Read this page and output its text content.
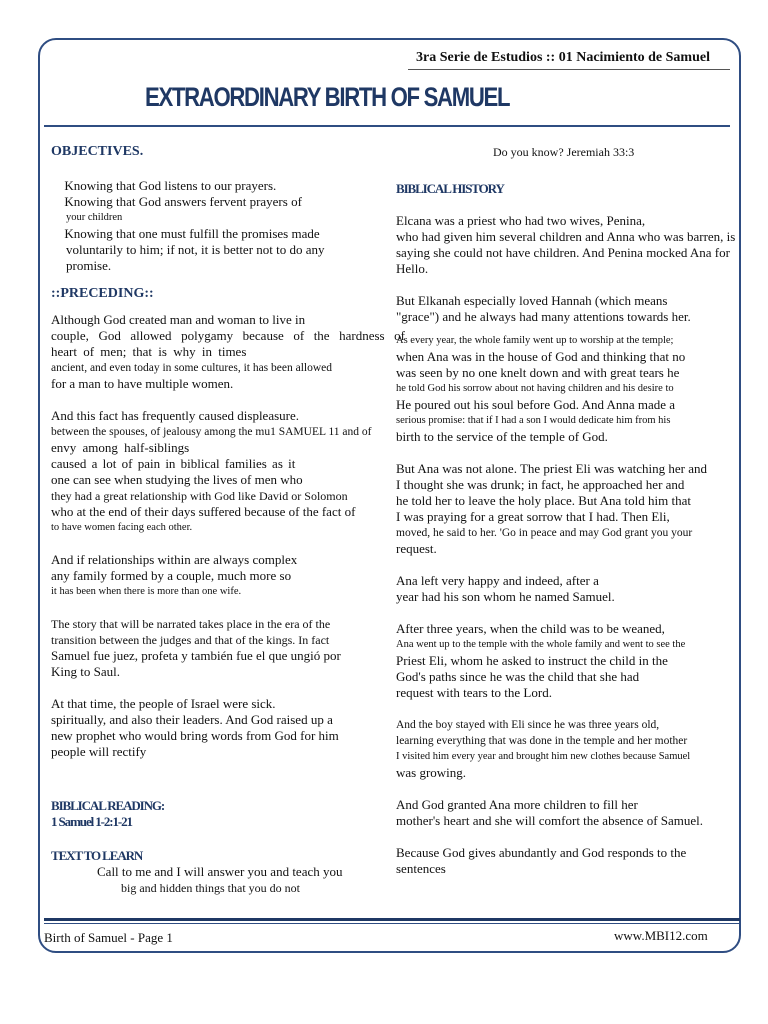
3ra Serie de Estudios :: 01 Nacimiento de Samuel
EXTRAORDINARY BIRTH OF SAMUEL
OBJECTIVES.
Knowing that God listens to our prayers.
Knowing that God answers fervent prayers of
your children
Knowing that one must fulfill the promises made
voluntarily to him; if not, it is better not to do any
promise.
::PRECEDING::
Although God created man and woman to live in
couple, God allowed polygamy because of the hardness of
heart of men; that is why in times
ancient, and even today in some cultures, it has been allowed
for a man to have multiple women.
And this fact has frequently caused displeasure.
between the spouses, of jealousy among the mu1 SAMUEL 11 and of
envy among half-siblings
caused a lot of pain in biblical families as it
one can see when studying the lives of men who
they had a great relationship with God like David or Solomon
who at the end of their days suffered because of the fact of
to have women facing each other.
And if relationships within are always complex
any family formed by a couple, much more so
it has been when there is more than one wife.
The story that will be narrated takes place in the era of the
transition between the judges and that of the kings. In fact
Samuel fue juez, profeta y también fue el que ungió por
King to Saul.
At that time, the people of Israel were sick.
spiritually, and also their leaders. And God raised up a
new prophet who would bring words from God for him
people will rectify
BIBLICAL READING:
1 Samuel 1-2:1-21
TEXT TO LEARN
Call to me and I will answer you and teach you
big and hidden things that you do not
Do you know? Jeremiah 33:3
BIBLICAL HISTORY
Elcana was a priest who had two wives, Penina,
who had given him several children and Anna who was barren, is
saying she could not have children. And Penina mocked Ana for
Hello.
But Elkanah especially loved Hannah (which means
"grace") and he always had many attentions towards her.
As every year, the whole family went up to worship at the temple;
when Ana was in the house of God and thinking that no
was seen by no one knelt down and with great tears he
he told God his sorrow about not having children and his desire to
He poured out his soul before God. And Anna made a
serious promise: that if I had a son I would dedicate him from his
birth to the service of the temple of God.
But Ana was not alone. The priest Eli was watching her and
I thought she was drunk; in fact, he approached her and
he told her to leave the holy place. But Ana told him that
I was praying for a great sorrow that I had. Then Eli,
moved, he said to her. 'Go in peace and may God grant you your
request.
Ana left very happy and indeed, after a
year had his son whom he named Samuel.
After three years, when the child was to be weaned,
Ana went up to the temple with the whole family and went to see the
Priest Eli, whom he asked to instruct the child in the
God's paths since he was the child that she had
request with tears to the Lord.
And the boy stayed with Eli since he was three years old,
learning everything that was done in the temple and her mother
I visited him every year and brought him new clothes because Samuel
was growing.
And God granted Ana more children to fill her
mother's heart and she will comfort the absence of Samuel.
Because God gives abundantly and God responds to the
sentences
Birth of Samuel - Page 1	www.MBI12.com
